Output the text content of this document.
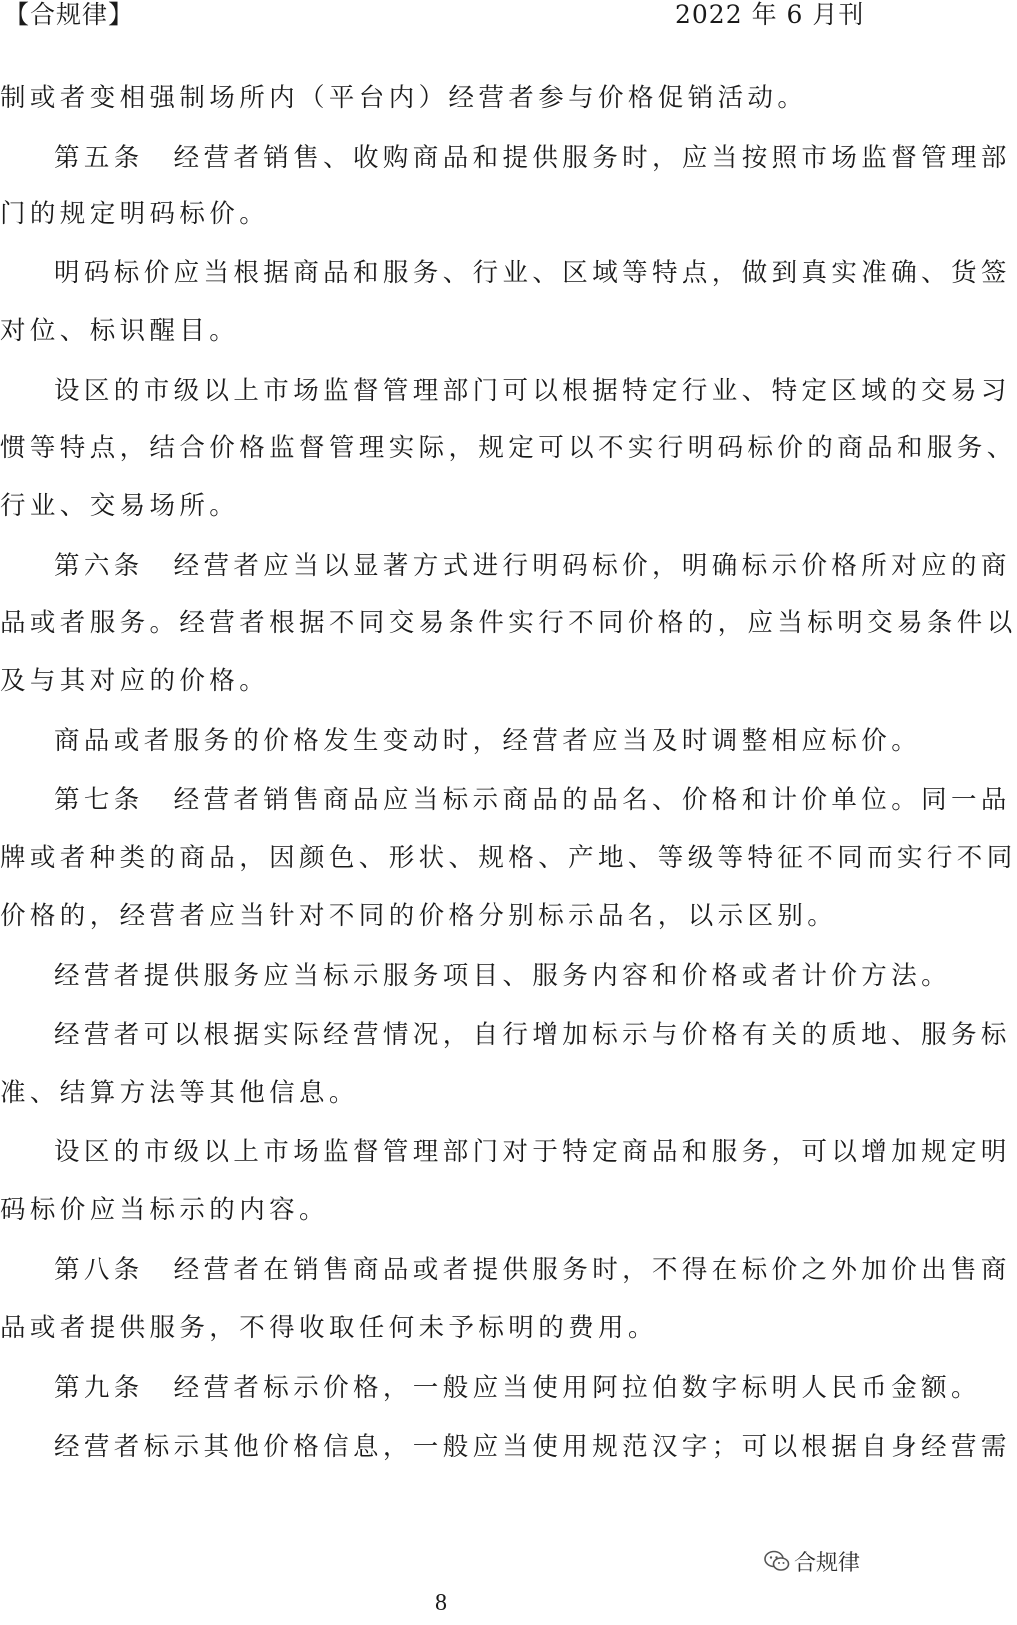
【合规律】	2022 年 6 月刊
制或者变相强制场所内（平台内）经营者参与价格促销活动。
第五条　经营者销售、收购商品和提供服务时，应当按照市场监督管理部
门的规定明码标价。
明码标价应当根据商品和服务、行业、区域等特点，做到真实准确、货签
对位、标识醒目。
设区的市级以上市场监督管理部门可以根据特定行业、特定区域的交易习
惯等特点，结合价格监督管理实际，规定可以不实行明码标价的商品和服务、
行业、交易场所。
第六条　经营者应当以显著方式进行明码标价，明确标示价格所对应的商
品或者服务。经营者根据不同交易条件实行不同价格的，应当标明交易条件以
及与其对应的价格。
商品或者服务的价格发生变动时，经营者应当及时调整相应标价。
第七条　经营者销售商品应当标示商品的品名、价格和计价单位。同一品
牌或者种类的商品，因颜色、形状、规格、产地、等级等特征不同而实行不同
价格的，经营者应当针对不同的价格分别标示品名，以示区别。
经营者提供服务应当标示服务项目、服务内容和价格或者计价方法。
经营者可以根据实际经营情况，自行增加标示与价格有关的质地、服务标
准、结算方法等其他信息。
设区的市级以上市场监督管理部门对于特定商品和服务，可以增加规定明
码标价应当标示的内容。
第八条　经营者在销售商品或者提供服务时，不得在标价之外加价出售商
品或者提供服务，不得收取任何未予标明的费用。
第九条　经营者标示价格，一般应当使用阿拉伯数字标明人民币金额。
经营者标示其他价格信息，一般应当使用规范汉字；可以根据自身经营需
合规律
8
